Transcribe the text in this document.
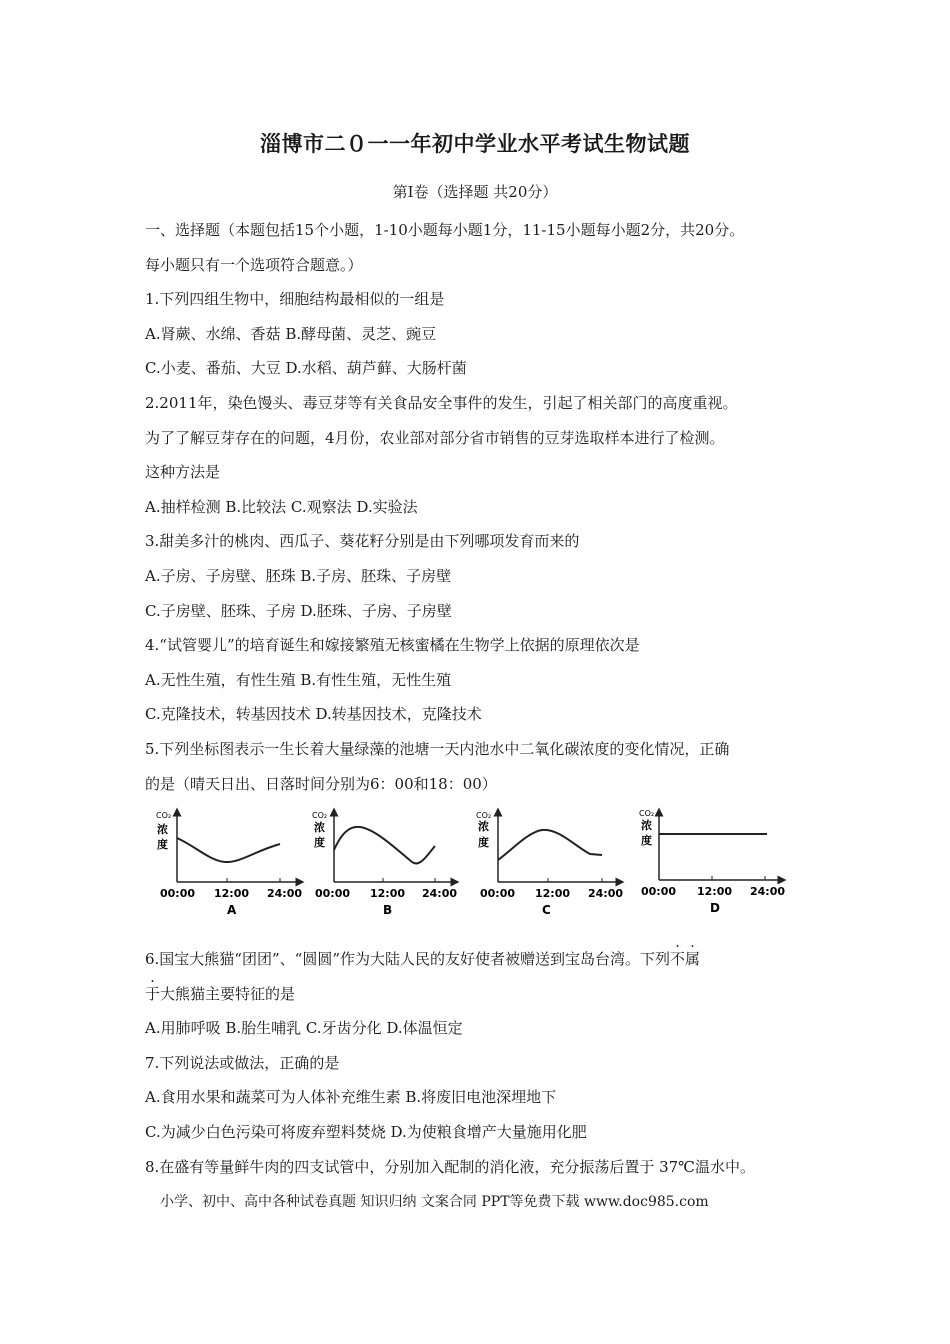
淄博市二０一一年初中学业水平考试生物试题
第Ⅰ卷（选择题 共20分）

一、选择题（本题包括15个小题，1-10小题每小题1分，11-15小题每小题2分，共20分。

每小题只有一个选项符合题意。）

1.下列四组生物中，细胞结构最相似的一组是

A.肾蕨、水绵、香菇 B.酵母菌、灵芝、豌豆

C.小麦、番茄、大豆 D.水稻、葫芦藓、大肠杆菌

2.2011年，染色馒头、毒豆芽等有关食品安全事件的发生，引起了相关部门的高度重视。

为了了解豆芽存在的问题，4月份，农业部对部分省市销售的豆芽选取样本进行了检测。

这种方法是

A.抽样检测 B.比较法 C.观察法 D.实验法

3.甜美多汁的桃肉、西瓜子、葵花籽分别是由下列哪项发育而来的

A.子房、子房壁、胚珠 B.子房、胚珠、子房壁

C.子房壁、胚珠、子房 D.胚珠、子房、子房壁

4.“试管婴儿”的培育诞生和嫁接繁殖无核蜜橘在生物学上依据的原理依次是

A.无性生殖，有性生殖 B.有性生殖，无性生殖

C.克隆技术，转基因技术 D.转基因技术，克隆技术

5.下列坐标图表示一生长着大量绿藻的池塘一天内池水中二氧化碳浓度的变化情况，正确

的是（晴天日出、日落时间分别为6：00和18：00）

CO₂
浓
度
00:00 12:00 24:00
A
CO₂
浓
度
00:00 12:00 24:00
B
CO₂
浓
度
00:00 12:00 24:00
C
CO₂
浓
度
00:00 12:00 24:00
D

6.国宝大熊猫“团团”、“圆圆”作为大陆人民的友好使者被赠送到宝岛台湾。下列不属

于大熊猫主要特征的是

A.用肺呼吸 B.胎生哺乳 C.牙齿分化 D.体温恒定

7.下列说法或做法，正确的是

A.食用水果和蔬菜可为人体补充维生素 B.将废旧电池深埋地下

C.为减少白色污染可将废弃塑料焚烧 D.为使粮食增产大量施用化肥

8.在盛有等量鲜牛肉的四支试管中，分别加入配制的消化液，充分振荡后置于 37℃温水中。

小学、初中、高中各种试卷真题 知识归纳 文案合同 PPT等免费下载 www.doc985.com
